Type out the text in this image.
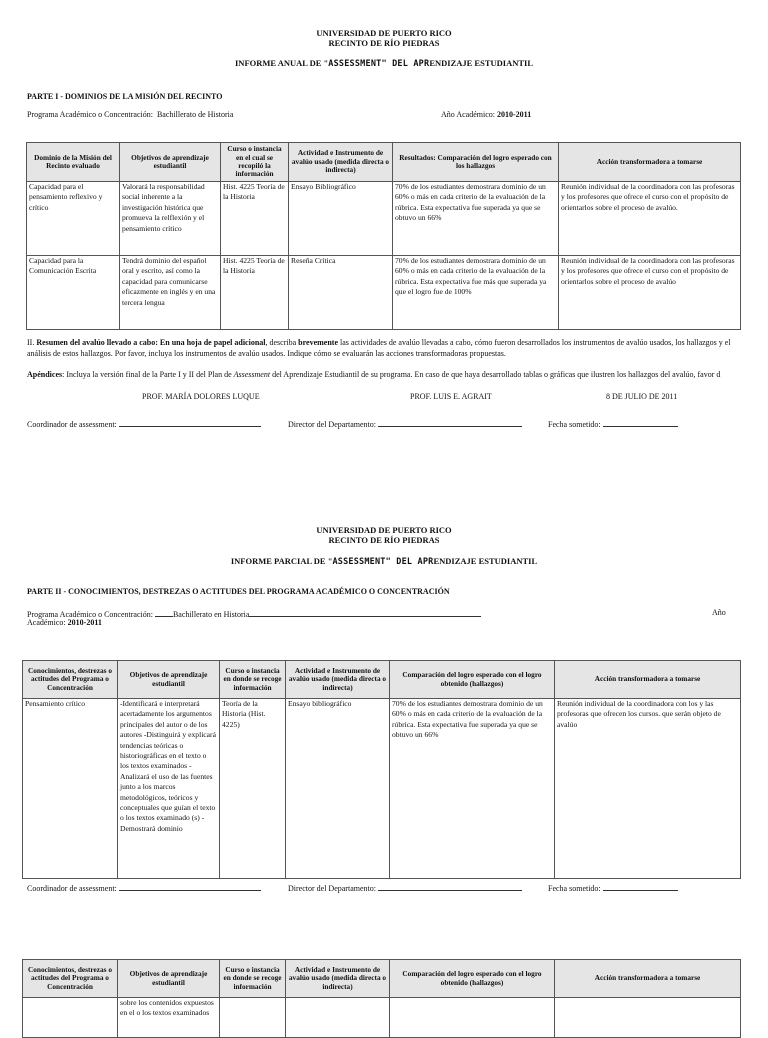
UNIVERSIDAD DE PUERTO RICO
RECINTO DE RÍO PIEDRAS
INFORME ANUAL DE "ASSESSMENT" DEL APRENDIZAJE ESTUDIANTIL
PARTE I - DOMINIOS DE LA MISIÓN DEL RECINTO
Programa Académico o Concentración: Bachillerato de Historia	Año Académico: 2010-2011
Dominio de la Misión del Recinto evaluado	Objetivos de aprendizaje estudiantil	Curso o instancia en el cual se recopiló la información	Actividad e Instrumento de avalúo usado (medida directa o indirecta)	Resultados: Comparación del logro esperado con los hallazgos	Acción transformadora a tomarse
Capacidad para el pensamiento reflexivo y crítico	Valorará la responsabilidad social inherente a la investigación histórica que promueva la relflexión y el pensamiento crítico	Hist. 4225 Teoría de la Historia	Ensayo Bibliográfico	70% de los estudiantes demostrara dominio de un 60% o más en cada criterio de la evaluación de la rúbrica. Esta expectativa fue superada ya que se obtuvo un 66%	Reunión individual de la coordinadora con las profesoras y los profesores que ofrece el curso con el propósito de orientarlos sobre el proceso de avalúo.
Capacidad para la Comunicación Escrita	Tendrá dominio del español oral y escrito, así como la capacidad para comunicarse eficazmente en inglés y en una tercera lengua	Hist. 4225 Teoría de la Historia	Reseña Crítica	70% de los estudiantes demostrara dominio de un 60% o más en cada criterio de la evaluación de la rúbrica. Esta expectativa fue más que superada ya que el logro fue de 100%	Reunión individual de la coordinadora con las profesoras y los profesores que ofrece el curso con el propósito de orientarlos sobre el proceso de avalúo
II. Resumen del avalúo llevado a cabo: En una hoja de papel adicional, describa brevemente las actividades de avalúo llevadas a cabo, cómo fueron desarrollados los instrumentos de avalúo usados, los hallazgos y el análisis de estos hallazgos. Por favor, incluya los instrumentos de avalúo usados. Indique cómo se evaluarán las acciones transformadoras propuestas.
Apéndices: Incluya la versión final de la Parte I y II del Plan de Assessment del Aprendizaje Estudiantil de su programa. En caso de que haya desarrollado tablas o gráficas que ilustren los hallazgos del avalúo, favor d
PROF. MARÍA DOLORES LUQUE	PROF. LUIS E. AGRAIT	8 DE JULIO DE 2011
Coordinador de assessment:	Director del Departamento:	Fecha sometido:
UNIVERSIDAD DE PUERTO RICO
RECINTO DE RÍO PIEDRAS
INFORME PARCIAL DE "ASSESSMENT" DEL APRENDIZAJE ESTUDIANTIL
PARTE II - CONOCIMIENTOS, DESTREZAS O ACTITUDES DEL PROGRAMA ACADÉMICO O CONCENTRACIÓN
Programa Académico o Concentración:	Bachillerato en Historia	Año
Académico: 2010-2011
Conocimientos, destrezas o actitudes del Programa o Concentración	Objetivos de aprendizaje estudiantil	Curso o instancia en donde se recoge información	Actividad e Instrumento de avalúo usado (medida directa o indirecta)	Comparación del logro esperado con el logro obtenido (hallazgos)	Acción transformadora a tomarse
Pensamiento crítico	-Identificará e interpretará acertadamente los argumentos principales del autor o de los autores -Distinguirá y explicará tendencias teóricas o historiográficas en el texto o los textos examinados -Analizará el uso de las fuentes junto a los marcos metodológicos, teóricos y conceptuales que guían el texto o los textos examinado (s) -Demostrará dominio	Teoría de la Historia (Hist. 4225)	Ensayo bibliográfico	70% de los estudiantes demostrara dominio de un 60% o más en cada criterio de la evaluación de la rúbrica. Esta expectativa fue superada ya que se obtuvo un 66%	Reunión individual de la coordinadora con los y las profesoras que ofrecen los cursos. que serán objeto de avalúo
Coordinador de assessment:	Director del Departamento:	Fecha sometido:
Conocimientos, destrezas o actitudes del Programa o Concentración	Objetivos de aprendizaje estudiantil	Curso o instancia en donde se recoge información	Actividad e Instrumento de avalúo usado (medida directa o indirecta)	Comparación del logro esperado con el logro obtenido (hallazgos)	Acción transformadora a tomarse
	sobre los contenidos expuestos en el o los textos examinados				
